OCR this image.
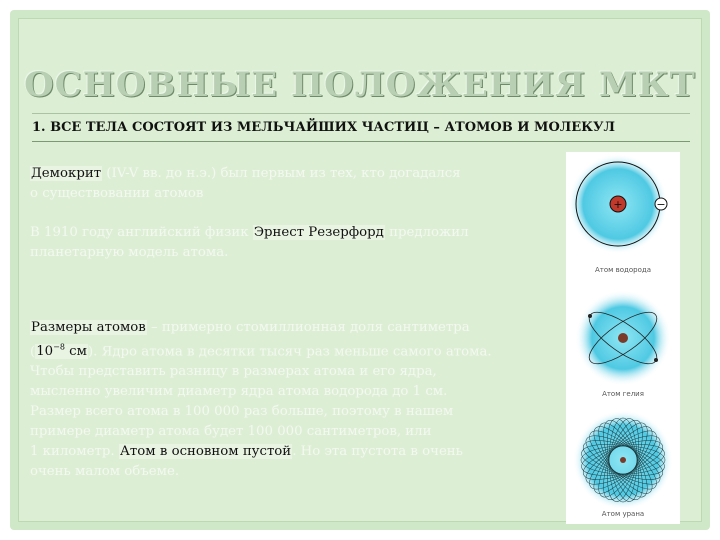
ОСНОВНЫЕ ПОЛОЖЕНИЯ МКТ
1. ВСЕ ТЕЛА СОСТОЯТ ИЗ МЕЛЬЧАЙШИХ ЧАСТИЦ – АТОМОВ И МОЛЕКУЛ
Демокрит (IV-V вв. до н.э.) был первым из тех, кто догадался
о существовании атомов
В 1910 году английский физик Эрнест Резерфорд предложил
планетарную модель атома.
Размеры атомов – примерно стомиллионная доля сантиметра
($10^{-8}$ см). Ядро атома в десятки тысяч раз меньше самого атома.
Чтобы представить разницу в размерах атома и его ядра,
мысленно увеличим диаметр ядра атома водорода до 1 см.
Размер всего атома в 100 000 раз больше, поэтому в нашем
примере диаметр атома будет 100 000 сантиметров, или
1 километр. Атом в основном пустой. Но эта пустота в очень
очень малом объеме.
+	−
Атом водорода
Атом гелия
Атом урана
